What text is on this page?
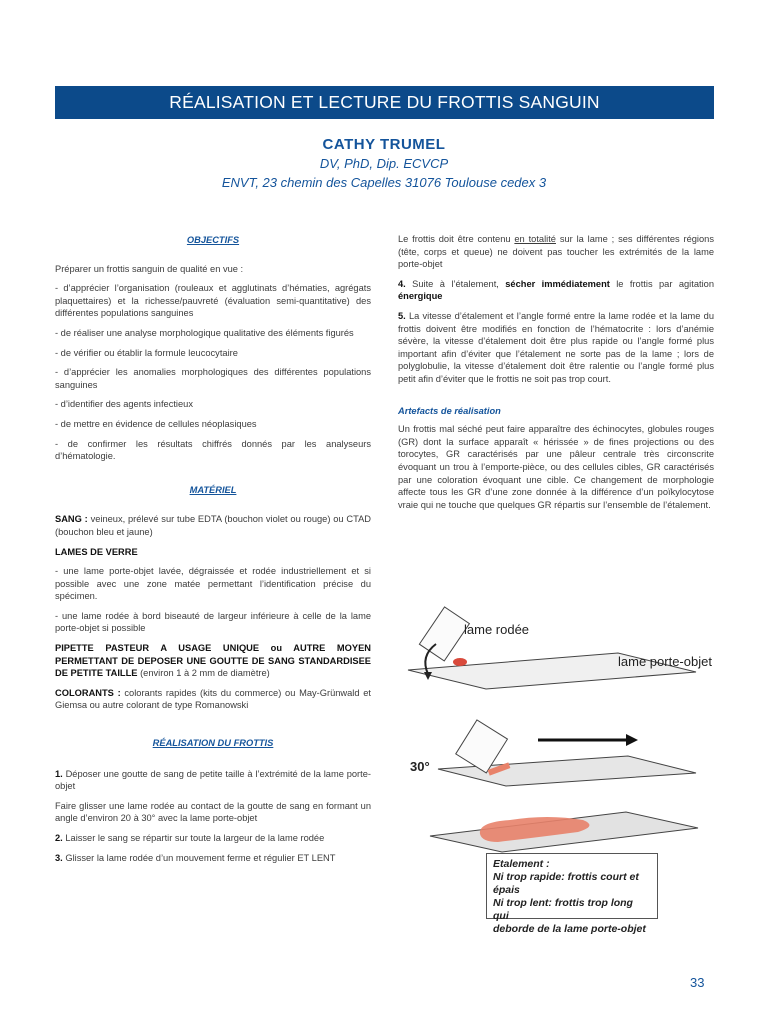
RÉALISATION ET LECTURE DU FROTTIS SANGUIN
CATHY TRUMEL
DV, PhD, Dip. ECVCP
ENVT, 23 chemin des Capelles 31076 Toulouse cedex 3
OBJECTIFS
Préparer un frottis sanguin de qualité en vue :
- d’apprécier l’organisation (rouleaux et agglutinats d’hématies, agrégats plaquettaires) et la richesse/pauvreté (évaluation semi-quantitative) des différentes populations sanguines
- de réaliser une analyse morphologique qualitative des éléments figurés
- de vérifier ou établir la formule leucocytaire
- d’apprécier les anomalies morphologiques des différentes populations sanguines
- d’identifier des agents infectieux
- de mettre en évidence de cellules néoplasiques
- de confirmer les résultats chiffrés donnés par les analyseurs d’hématologie.
MATÉRIEL
SANG : veineux, prélevé sur tube EDTA (bouchon violet ou rouge) ou CTAD (bouchon bleu et jaune)
LAMES DE VERRE
- une lame porte-objet lavée, dégraissée et rodée industriellement et si possible avec une zone matée permettant l’identification précise du spécimen.
- une lame rodée à bord biseauté de largeur inférieure à celle de la lame porte-objet si possible
PIPETTE PASTEUR A USAGE UNIQUE ou AUTRE MOYEN PERMETTANT DE DEPOSER UNE GOUTTE DE SANG STANDARDISEE DE PETITE TAILLE (environ 1 à 2 mm de diamètre)
COLORANTS : colorants rapides (kits du commerce) ou May-Grünwald et Giemsa ou autre colorant de type Romanowski
RÉALISATION DU FROTTIS
1. Déposer une goutte de sang de petite taille à l’extrémité de la lame porte-objet
Faire glisser une lame rodée au contact de la goutte de sang en formant un angle d’environ 20 à 30° avec la lame porte-objet
2. Laisser le sang se répartir sur toute la largeur de la lame rodée
3. Glisser la lame rodée d’un mouvement ferme et régulier ET LENT
Le frottis doit être contenu en totalité sur la lame ; ses différentes régions (tête, corps et queue) ne doivent pas toucher les extrémités de la lame porte-objet
4. Suite à l’étalement, sécher immédiatement le frottis par agitation énergique
5. La vitesse d’étalement et l’angle formé entre la lame rodée et la lame du frottis doivent être modifiés en fonction de l’hématocrite : lors d’anémie sévère, la vitesse d’étalement doit être plus rapide ou l’angle formé plus important afin d’éviter que l’étalement ne sorte pas de la lame ; lors de polyglobulie, la vitesse d’étalement doit être ralentie ou l’angle formé plus petit afin d’éviter que le frottis ne soit pas trop court.
Artefacts de réalisation
Un frottis mal séché peut faire apparaître des échinocytes, globules rouges (GR) dont la surface apparaît « hérissée » de fines projections ou des torocytes, GR caractérisés par une pâleur centrale très circonscrite évoquant un trou à l’emporte-pièce, ou des cellules cibles, GR caractérisés par une coloration évoquant une cible. Ce changement de morphologie affecte tous les GR d’une zone donnée à la différence d’un poïkylocytose vraie qui ne touche que quelques GR répartis sur l’ensemble de l’étalement.
lame rodée
lame porte-objet
30°
Etalement :
Ni trop rapide: frottis court et épais
Ni trop lent: frottis trop long qui
deborde de la lame porte-objet
33
